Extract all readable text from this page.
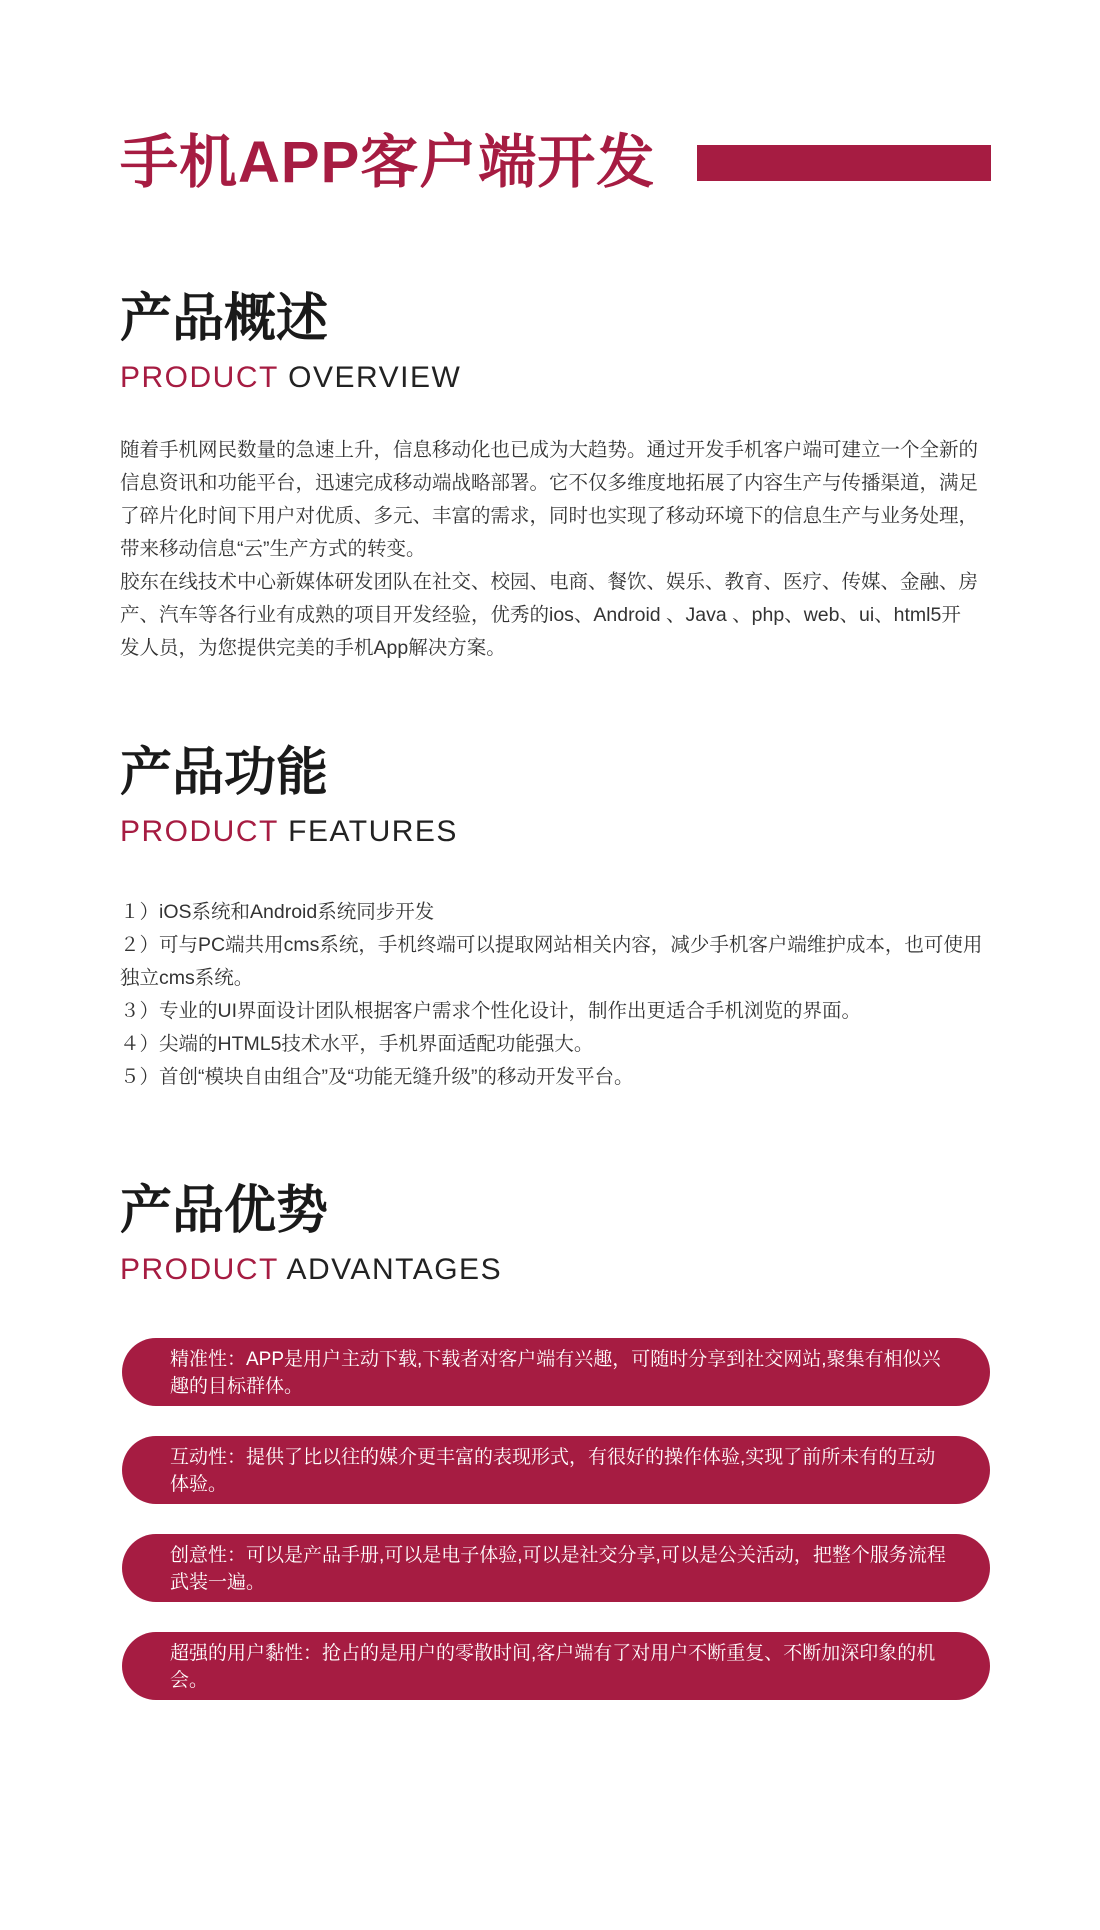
手机APP客户端开发
产品概述
PRODUCT OVERVIEW

随着手机网民数量的急速上升，信息移动化也已成为大趋势。通过开发手机客户端可建立一个全新的信息资讯和功能平台，迅速完成移动端战略部署。它不仅多维度地拓展了内容生产与传播渠道，满足了碎片化时间下用户对优质、多元、丰富的需求，同时也实现了移动环境下的信息生产与业务处理，带来移动信息“云”生产方式的转变。

胶东在线技术中心新媒体研发团队在社交、校园、电商、餐饮、娱乐、教育、医疗、传媒、金融、房产、汽车等各行业有成熟的项目开发经验，优秀的ios、Android 、Java 、php、web、ui、html5开发人员，为您提供完美的手机App解决方案。

产品功能
PRODUCT FEATURES
１）iOS系统和Android系统同步开发
２）可与PC端共用cms系统，手机终端可以提取网站相关内容，减少手机客户端维护成本，也可使用独立cms系统。
３）专业的UI界面设计团队根据客户需求个性化设计，制作出更适合手机浏览的界面。
４）尖端的HTML5技术水平，手机界面适配功能强大。
５）首创“模块自由组合”及“功能无缝升级”的移动开发平台。
产品优势
PRODUCT ADVANTAGES
精准性：APP是用户主动下载,下载者对客户端有兴趣，可随时分享到社交网站,聚集有相似兴趣的目标群体。
互动性：提供了比以往的媒介更丰富的表现形式，有很好的操作体验,实现了前所未有的互动体验。
创意性：可以是产品手册,可以是电子体验,可以是社交分享,可以是公关活动，把整个服务流程武装一遍。
超强的用户黏性：抢占的是用户的零散时间,客户端有了对用户不断重复、不断加深印象的机会。
